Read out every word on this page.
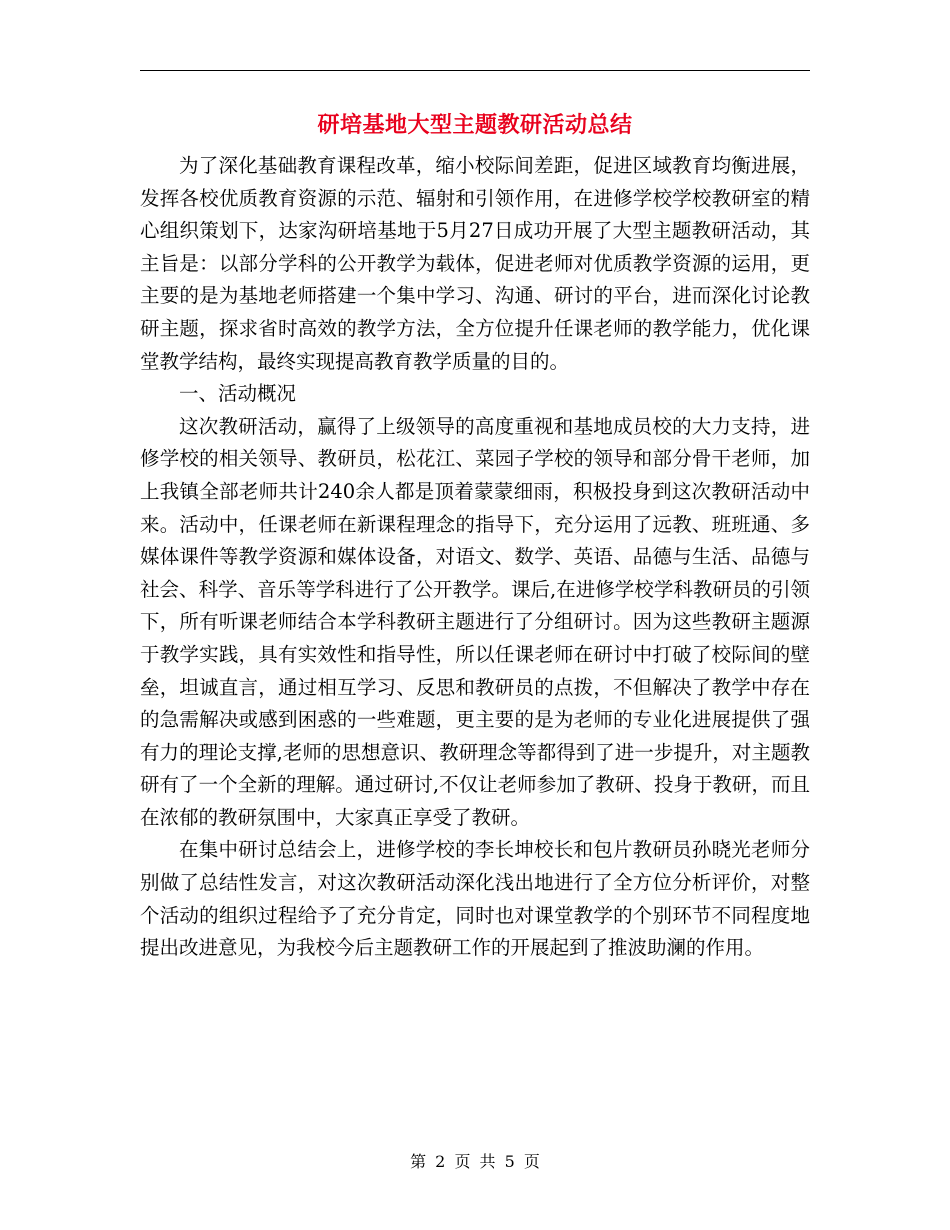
研培基地大型主题教研活动总结

为了深化基础教育课程改革，缩小校际间差距，促进区域教育均衡进展，发挥各校优质教育资源的示范、辐射和引领作用，在进修学校学校教研室的精心组织策划下，达家沟研培基地于5月27日成功开展了大型主题教研活动，其主旨是：以部分学科的公开教学为载体，促进老师对优质教学资源的运用，更主要的是为基地老师搭建一个集中学习、沟通、研讨的平台，进而深化讨论教研主题，探求省时高效的教学方法，全方位提升任课老师的教学能力，优化课堂教学结构，最终实现提高教育教学质量的目的。

一、活动概况

这次教研活动，赢得了上级领导的高度重视和基地成员校的大力支持，进修学校的相关领导、教研员，松花江、菜园子学校的领导和部分骨干老师，加上我镇全部老师共计240余人都是顶着蒙蒙细雨，积极投身到这次教研活动中来。活动中，任课老师在新课程理念的指导下，充分运用了远教、班班通、多媒体课件等教学资源和媒体设备，对语文、数学、英语、品德与生活、品德与社会、科学、音乐等学科进行了公开教学。课后,在进修学校学科教研员的引领下，所有听课老师结合本学科教研主题进行了分组研讨。因为这些教研主题源于教学实践，具有实效性和指导性，所以任课老师在研讨中打破了校际间的壁垒，坦诚直言，通过相互学习、反思和教研员的点拨，不但解决了教学中存在的急需解决或感到困惑的一些难题，更主要的是为老师的专业化进展提供了强有力的理论支撑,老师的思想意识、教研理念等都得到了进一步提升，对主题教研有了一个全新的理解。通过研讨,不仅让老师参加了教研、投身于教研，而且在浓郁的教研氛围中，大家真正享受了教研。

在集中研讨总结会上，进修学校的李长坤校长和包片教研员孙晓光老师分别做了总结性发言，对这次教研活动深化浅出地进行了全方位分析评价，对整个活动的组织过程给予了充分肯定，同时也对课堂教学的个别环节不同程度地提出改进意见，为我校今后主题教研工作的开展起到了推波助澜的作用。

第 2 页 共 5 页
